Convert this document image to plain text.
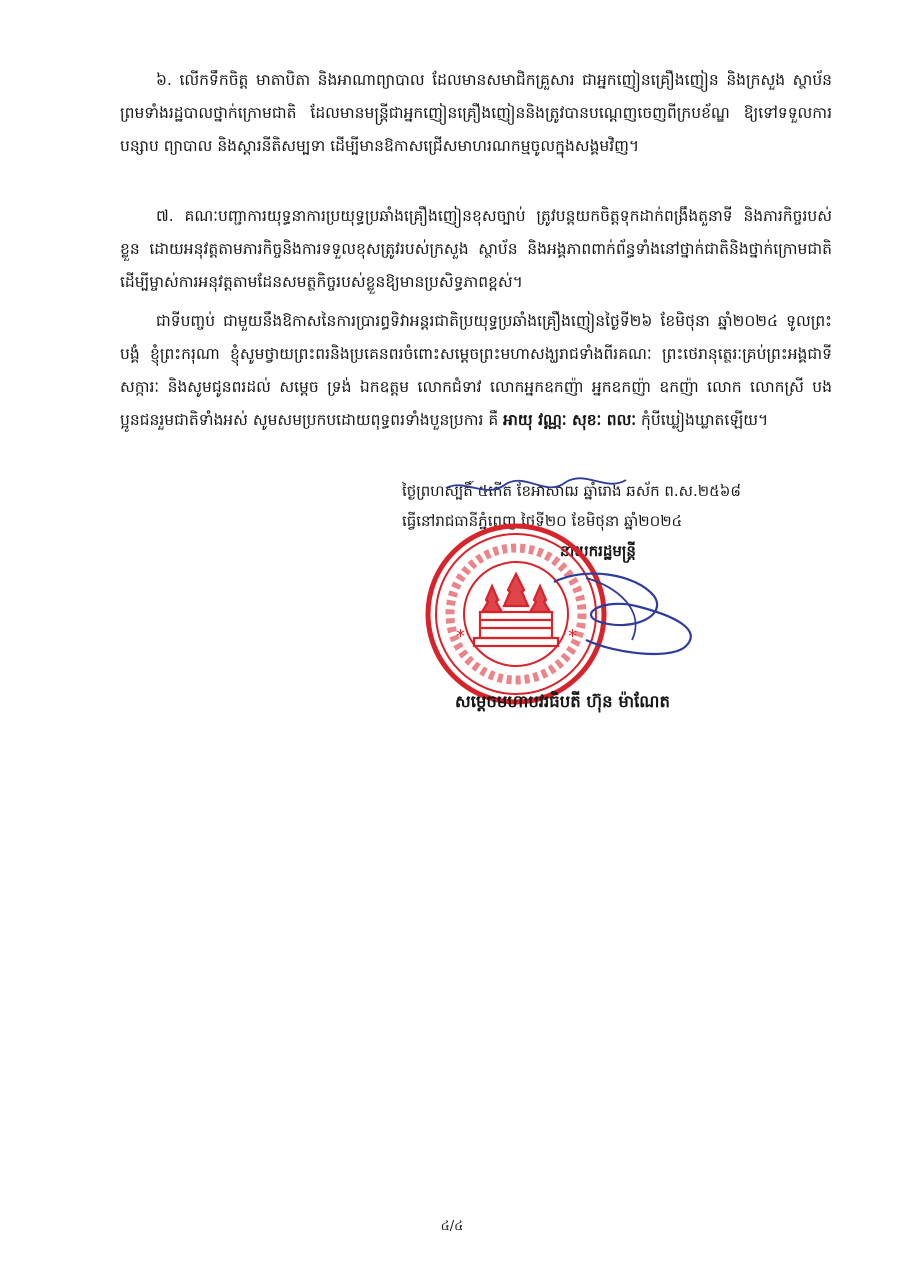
៦. លើកទឹកចិត្ត មាតាបិតា និងអាណាព្យាបាល ដែលមានសមាជិកគ្រួសារ ជាអ្នកញៀនគ្រឿងញៀន និងក្រសួង ស្ថាប័ន ព្រមទាំងរដ្ឋបាលថ្នាក់ក្រោមជាតិ ដែលមានមន្ត្រីជាអ្នកញៀនគ្រឿងញៀននិងត្រូវបានបណ្តេញចេញពីក្របខ័ណ្ឌ ឱ្យទៅទទួលការបន្សាប ព្យាបាល និងស្តារនីតិសម្បទា ដើម្បីមានឱកាសជ្រើសមាហរណកម្មចូលក្នុងសង្គមវិញ។

៧. គណៈបញ្ជាការយុទ្ធនាការប្រយុទ្ធប្រឆាំងគ្រឿងញៀនខុសច្បាប់ ត្រូវបន្តយកចិត្តទុកដាក់ពង្រឹងតួនាទី និងភារកិច្ចរបស់ខ្លួន ដោយអនុវត្តតាមភារកិច្ចនិងការទទួលខុសត្រូវរបស់ក្រសួង ស្ថាប័ន និងអង្គភាពពាក់ព័ន្ធទាំងនៅថ្នាក់ជាតិនិងថ្នាក់ក្រោមជាតិ ដើម្បីម្ចាស់ការអនុវត្តតាមដែនសមត្ថកិច្ចរបស់ខ្លួនឱ្យមានប្រសិទ្ធភាពខ្ពស់។

ជាទីបញ្ចប់ ជាមួយនឹងឱកាសនៃការប្រារព្ធទិវាអន្តរជាតិប្រយុទ្ធប្រឆាំងគ្រឿងញៀនថ្ងៃទី២៦ ខែមិថុនា ឆ្នាំ២០២៤ ទូលព្រះបង្គំ ខ្ញុំព្រះករុណា ខ្ញុំសូមថ្វាយព្រះពរនិងប្រគេនពរចំពោះសម្តេចព្រះមហាសង្ឃរាជទាំងពីរគណៈ ព្រះថេរានុត្ថេរៈគ្រប់ព្រះអង្គជាទីសក្ការៈ និងសូមជូនពរដល់ សម្តេច ទ្រង់ ឯកឧត្តម លោកជំទាវ លោកអ្នកឧកញ៉ា អ្នកឧកញ៉ា ឧកញ៉ា លោក លោកស្រី បងប្អូនជនរួមជាតិទាំងអស់ សូមសមប្រកបដោយពុទ្ធពរទាំងបួនប្រការ គឺ អាយុ វណ្ណៈ សុខៈ ពលៈ កុំបីឃ្លៀងឃ្លាតឡើយ។

ថ្ងៃព្រហស្បតិ៍ ៥កើត ខែអាសាឍ ឆ្នាំរោង ឆស័ក ព.ស.២៥៦៨
ធ្វើនៅរាជធានីភ្នំពេញ ថ្ងៃទី២០ ខែមិថុនា ឆ្នាំ២០២៤
នាយករដ្ឋមន្ត្រី
*	*
សម្តេចមហាបវរធិបតី ហ៊ុន ម៉ាណែត
៤/៤
